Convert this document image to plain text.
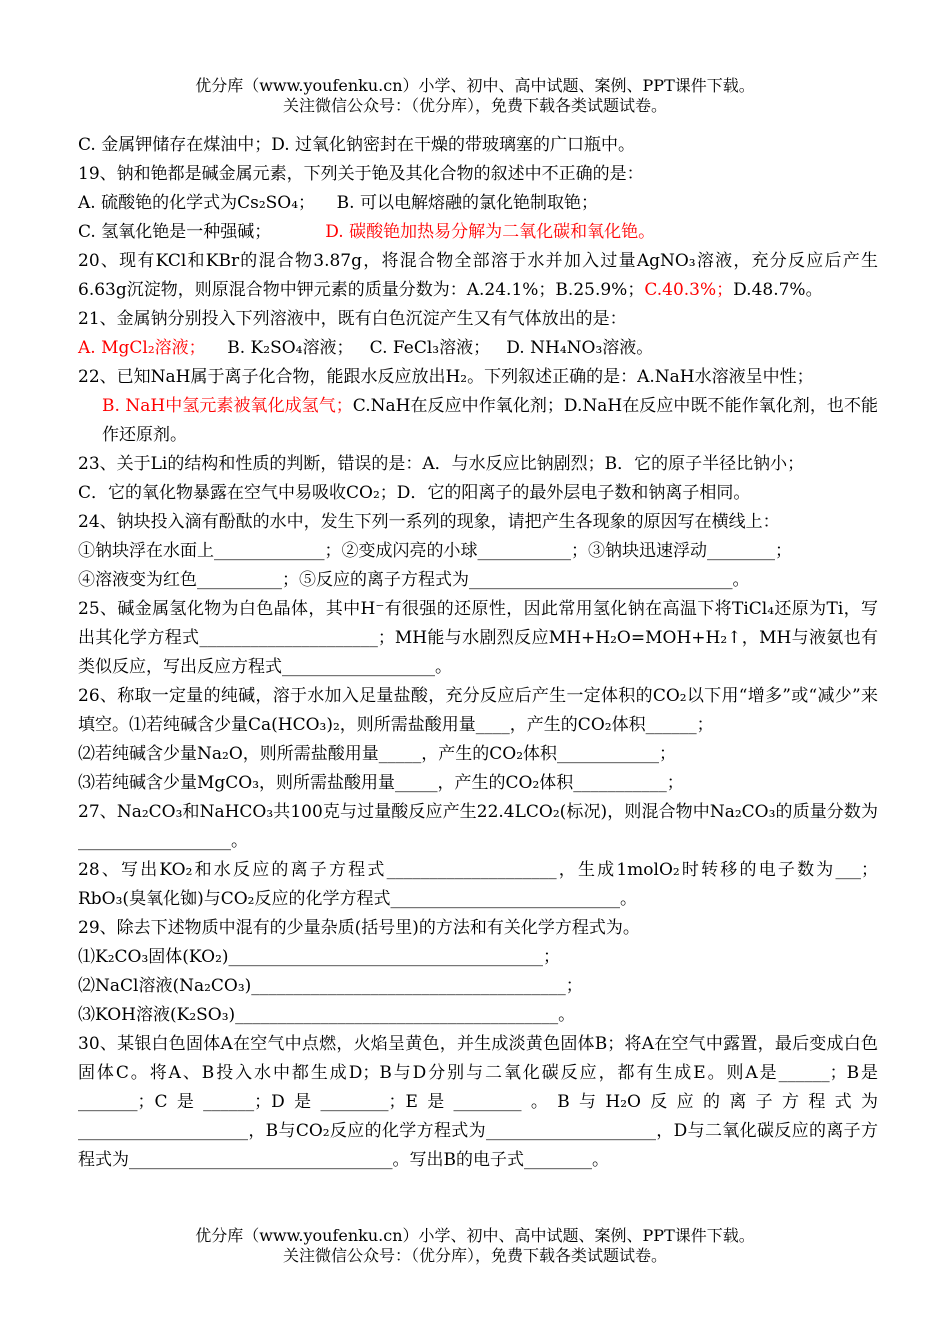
优分库（www.youfenku.cn）小学、初中、高中试题、案例、PPT课件下载。
关注微信公众号：（优分库），免费下载各类试题试卷。
C. 金属钾储存在煤油中；D. 过氧化钠密封在干燥的带玻璃塞的广口瓶中。
19、钠和铯都是碱金属元素，下列关于铯及其化合物的叙述中不正确的是：
A. 硫酸铯的化学式为Cs₂SO₄；    B. 可以电解熔融的氯化铯制取铯；
C. 氢氧化铯是一种强碱；          D. 碳酸铯加热易分解为二氧化碳和氧化铯。
20、现有KCl和KBr的混合物3.87g，将混合物全部溶于水并加入过量AgNO₃溶液，充分反应后产生6.63g沉淀物，则原混合物中钾元素的质量分数为：A.24.1%；B.25.9%；C.40.3%；D.48.7%。
21、金属钠分别投入下列溶液中，既有白色沉淀产生又有气体放出的是：
A. MgCl₂溶液；    B. K₂SO₄溶液；   C. FeCl₃溶液；   D. NH₄NO₃溶液。
22、已知NaH属于离子化合物，能跟水反应放出H₂。下列叙述正确的是：A.NaH水溶液呈中性；
B. NaH中氢元素被氧化成氢气；C.NaH在反应中作氧化剂；D.NaH在反应中既不能作氧化剂，也不能作还原剂。
23、关于Li的结构和性质的判断，错误的是：A．与水反应比钠剧烈；B．它的原子半径比钠小；
C．它的氧化物暴露在空气中易吸收CO₂；D．它的阳离子的最外层电子数和钠离子相同。
24、钠块投入滴有酚酞的水中，发生下列一系列的现象，请把产生各现象的原因写在横线上：
①钠块浮在水面上_____________；②变成闪亮的小球___________；③钠块迅速浮动________；
④溶液变为红色__________；⑤反应的离子方程式为_______________________________。
25、碱金属氢化物为白色晶体，其中H⁻有很强的还原性，因此常用氢化钠在高温下将TiCl₄还原为Ti，写出其化学方程式_____________________；MH能与水剧烈反应MH+H₂O=MOH+H₂↑，MH与液氨也有类似反应，写出反应方程式__________________。
26、称取一定量的纯碱，溶于水加入足量盐酸，充分反应后产生一定体积的CO₂以下用“增多”或“减少”来填空。⑴若纯碱含少量Ca(HCO₃)₂，则所需盐酸用量____，产生的CO₂体积______；
⑵若纯碱含少量Na₂O，则所需盐酸用量_____，产生的CO₂体积____________；
⑶若纯碱含少量MgCO₃，则所需盐酸用量_____，产生的CO₂体积___________；
27、Na₂CO₃和NaHCO₃共100克与过量酸反应产生22.4LCO₂(标况)，则混合物中Na₂CO₃的质量分数为__________________。
28、写出KO₂和水反应的离子方程式____________________，生成1molO₂时转移的电子数为___；RbO₃(臭氧化铷)与CO₂反应的化学方程式___________________________。
29、除去下述物质中混有的少量杂质(括号里)的方法和有关化学方程式为。
⑴K₂CO₃固体(KO₂)_____________________________________；
⑵NaCl溶液(Na₂CO₃)_____________________________________；
⑶KOH溶液(K₂SO₃)______________________________________。
30、某银白色固体A在空气中点燃，火焰呈黄色，并生成淡黄色固体B；将A在空气中露置，最后变成白色固体C。将A、B投入水中都生成D；B与D分别与二氧化碳反应，都有生成E。则A是______；B是_______；C是______；D是________；E是________。B与H₂O反应的离子方程式为____________________，B与CO₂反应的化学方程式为____________________，D与二氧化碳反应的离子方程式为_______________________________。写出B的电子式________。
优分库（www.youfenku.cn）小学、初中、高中试题、案例、PPT课件下载。
关注微信公众号：（优分库），免费下载各类试题试卷。
